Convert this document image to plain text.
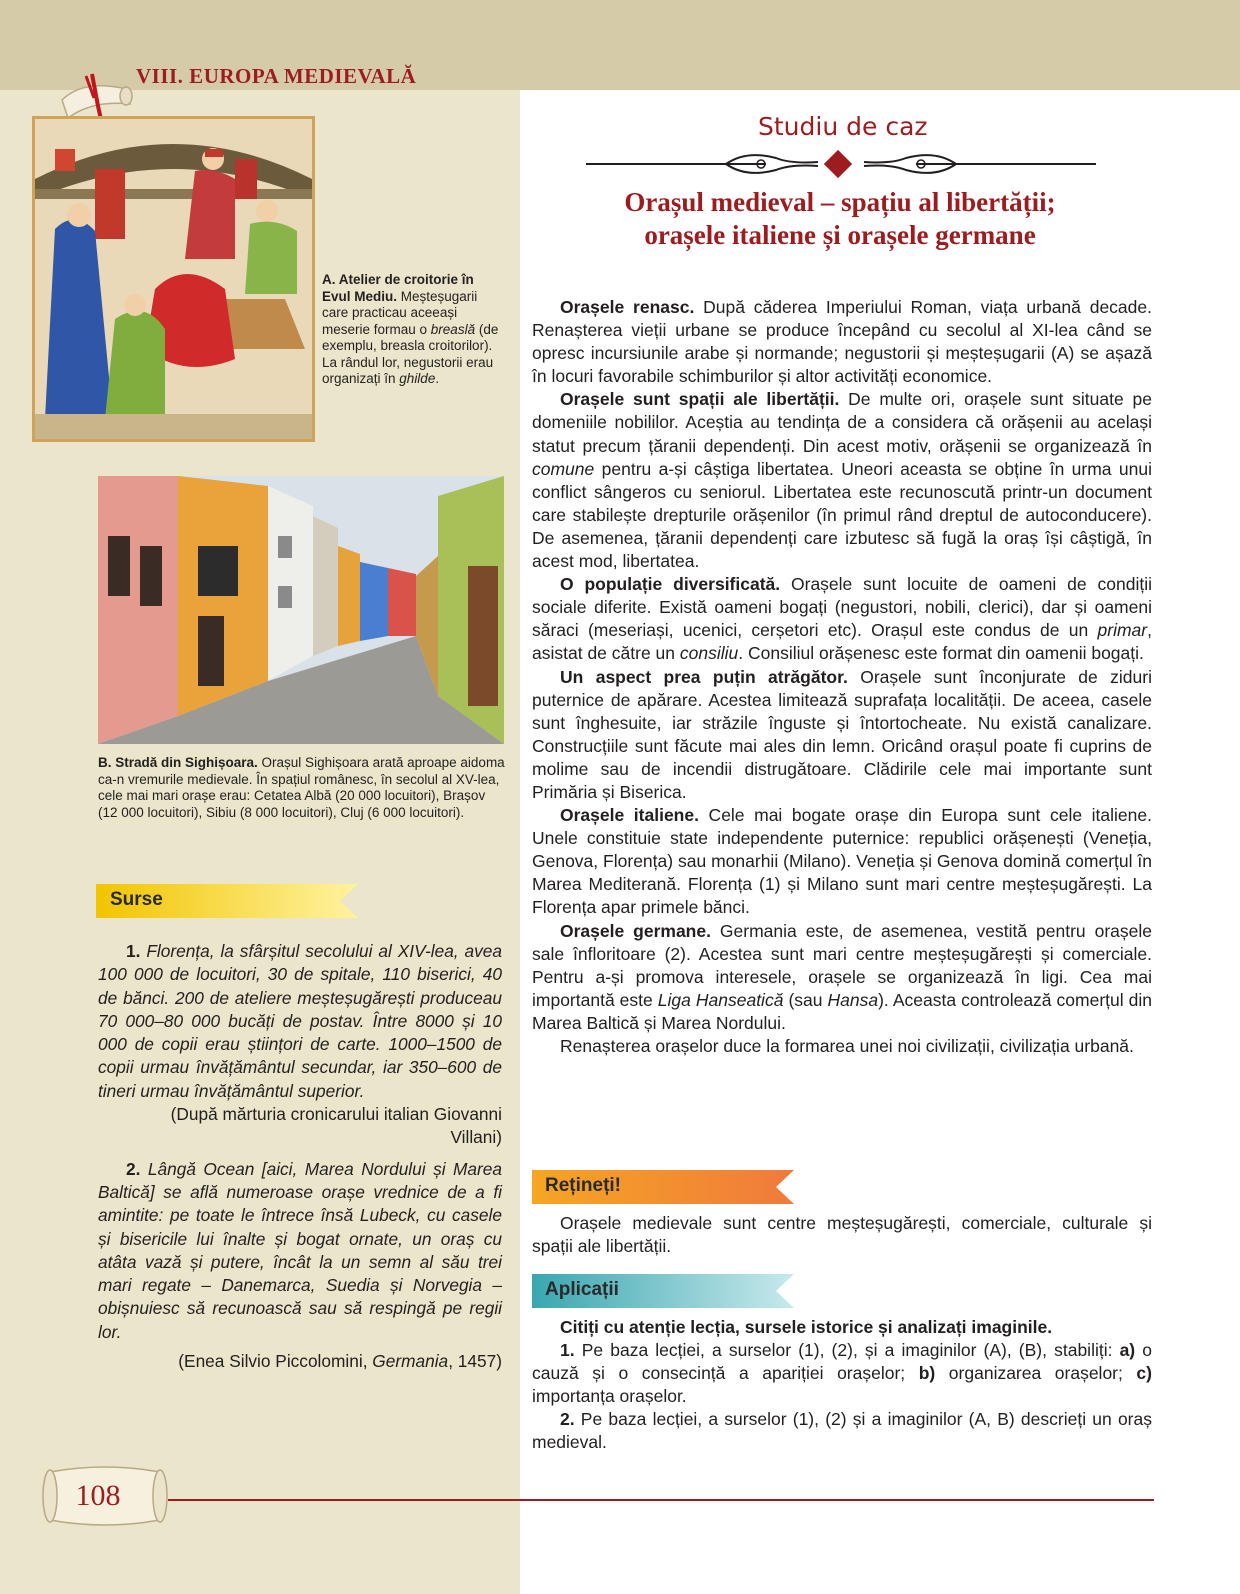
VIII. EUROPA MEDIEVALĂ
A. Atelier de croitorie în Evul Mediu. Meșteșugarii care practicau aceeași meserie formau o breaslă (de exemplu, breasla croitorilor). La rândul lor, negustorii erau organizați în ghilde.
B. Stradă din Sighișoara. Orașul Sighișoara arată aproape aidoma ca-n vremurile medievale. În spațiul românesc, în secolul al XV-lea, cele mai mari orașe erau: Cetatea Albă (20 000 locuitori), Brașov (12 000 locuitori), Sibiu (8 000 locuitori), Cluj (6 000 locuitori).
Surse

1. Florența, la sfârșitul secolului al XIV-lea, avea 100 000 de locuitori, 30 de spitale, 110 biserici, 40 de bănci. 200 de ateliere meșteșugărești produceau 70 000–80 000 bucăți de postav. Între 8000 și 10 000 de copii erau științori de carte. 1000–1500 de copii urmau învățământul secundar, iar 350–600 de tineri urmau învățământul superior.

(După mărturia cronicarului italian Giovanni Villani)

2. Lângă Ocean [aici, Marea Nordului și Marea Baltică] se află numeroase orașe vrednice de a fi amintite: pe toate le întrece însă Lubeck, cu casele și bisericile lui înalte și bogat ornate, un oraș cu atâta vază și putere, încât la un semn al său trei mari regate – Danemarca, Suedia și Norvegia – obișnuiesc să recunoască sau să respingă pe regii lor.

(Enea Silvio Piccolomini, Germania, 1457)

Studiu de caz
Orașul medieval – spațiu al libertății;
orașele italiene și orașele germane

Orașele renasc. După căderea Imperiului Roman, viața urbană decade. Renașterea vieții urbane se produce începând cu secolul al XI-lea când se opresc incursiunile arabe și normande; negustorii și meșteșugarii (A) se așază în locuri favorabile schimburilor și altor activități economice.

Orașele sunt spații ale libertății. De multe ori, orașele sunt situate pe domeniile nobililor. Aceștia au tendința de a considera că orășenii au același statut precum țăranii dependenți. Din acest motiv, orășenii se organizează în comune pentru a-și câștiga libertatea. Uneori aceasta se obține în urma unui conflict sângeros cu seniorul. Libertatea este recunoscută printr-un document care stabilește drepturile orășenilor (în primul rând dreptul de autoconducere). De asemenea, țăranii dependenți care izbutesc să fugă la oraș își câștigă, în acest mod, libertatea.

O populație diversificată. Orașele sunt locuite de oameni de condiții sociale diferite. Există oameni bogați (negustori, nobili, clerici), dar și oameni săraci (meseriași, ucenici, cerșetori etc). Orașul este condus de un primar, asistat de către un consiliu. Consiliul orășenesc este format din oamenii bogați.

Un aspect prea puțin atrăgător. Orașele sunt înconjurate de ziduri puternice de apărare. Acestea limitează suprafața localității. De aceea, casele sunt înghesuite, iar străzile înguste și întortocheate. Nu există canalizare. Construcțiile sunt făcute mai ales din lemn. Oricând orașul poate fi cuprins de molime sau de incendii distrugătoare. Clădirile cele mai importante sunt Primăria și Biserica.

Orașele italiene. Cele mai bogate orașe din Europa sunt cele italiene. Unele constituie state independente puternice: republici orășenești (Veneția, Genova, Florența) sau monarhii (Milano). Veneția și Genova domină comerțul în Marea Mediterană. Florența (1) și Milano sunt mari centre meșteșugărești. La Florența apar primele bănci.

Orașele germane. Germania este, de asemenea, vestită pentru orașele sale înfloritoare (2). Acestea sunt mari centre meșteșugărești și comerciale. Pentru a-și promova interesele, orașele se organizează în ligi. Cea mai importantă este Liga Hanseatică (sau Hansa). Aceasta controlează comerțul din Marea Baltică și Marea Nordului.

Renașterea orașelor duce la formarea unei noi civilizații, civilizația urbană.

Rețineți!

Orașele medievale sunt centre meșteșugărești, comerciale, culturale și spații ale libertății.

Aplicații

Citiți cu atenție lecția, sursele istorice și analizați imaginile.

1. Pe baza lecției, a surselor (1), (2), și a imaginilor (A), (B), stabiliți: a) o cauză și o consecință a apariției orașelor; b) organizarea orașelor; c) importanța orașelor.

2. Pe baza lecției, a surselor (1), (2) și a imaginilor (A, B) descrieți un oraș medieval.

108
